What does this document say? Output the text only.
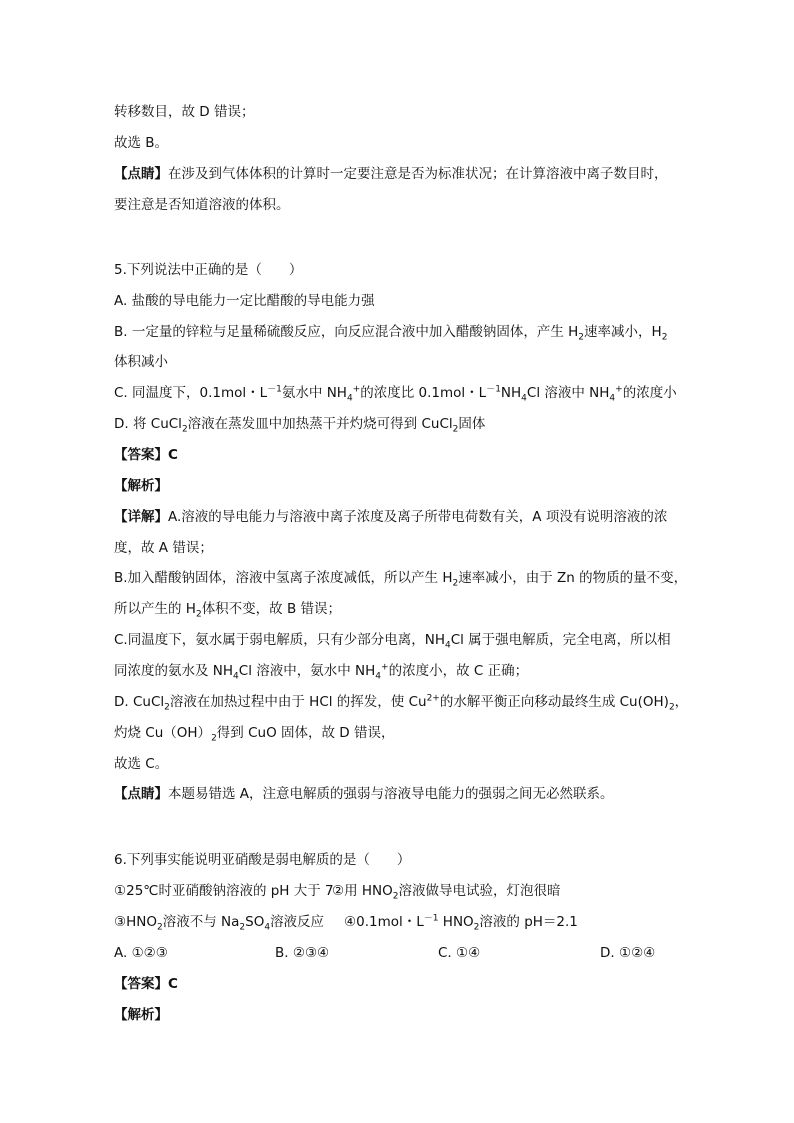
转移数目，故 D 错误；
故选 B。
【点睛】在涉及到气体体积的计算时一定要注意是否为标准状况；在计算溶液中离子数目时，
要注意是否知道溶液的体积。
5.下列说法中正确的是（　　）
A. 盐酸的导电能力一定比醋酸的导电能力强
B. 一定量的锌粒与足量稀硫酸反应，向反应混合液中加入醋酸钠固体，产生 $H_2$速率减小，$H_2$
体积减小
C. 同温度下，0.1mol・$L^{-1}$氨水中 $NH_4^+$的浓度比 0.1mol・$L^{-1}NH_4Cl$ 溶液中 $NH_4^+$的浓度小
D. 将 CuCl$_2$溶液在蒸发皿中加热蒸干并灼烧可得到 CuCl$_2$固体
【答案】C
【解析】
【详解】A.溶液的导电能力与溶液中离子浓度及离子所带电荷数有关，A 项没有说明溶液的浓
度，故 A 错误；
B.加入醋酸钠固体，溶液中氢离子浓度减低，所以产生 $H_2$速率减小，由于 Zn 的物质的量不变，
所以产生的 $H_2$体积不变，故 B 错误；
C.同温度下，氨水属于弱电解质，只有少部分电离，$NH_4Cl$ 属于强电解质，完全电离，所以相
同浓度的氨水及 $NH_4Cl$ 溶液中，氨水中 $NH_4^+$的浓度小，故 C 正确；
D. CuCl$_2$溶液在加热过程中由于 HCl 的挥发，使 $Cu^{2+}$的水解平衡正向移动最终生成 $Cu(OH)_2$，
灼烧 $Cu(OH)_2$得到 CuO 固体，故 D 错误，
故选 C。
【点睛】本题易错选 A，注意电解质的强弱与溶液导电能力的强弱之间无必然联系。
6.下列事实能说明亚硝酸是弱电解质的是（　　）
①25℃时亚硝酸钠溶液的 pH 大于 7
②用 $HNO_2$溶液做导电试验，灯泡很暗
$③HNO_2$溶液不与 $Na_2SO_4$溶液反应 ④0.1mol・$L^{-1}$ $HNO_2$溶液的 pH＝2.1
A. ①②③	B. ②③④	C. ①④	D. ①②④
【答案】C
【解析】
